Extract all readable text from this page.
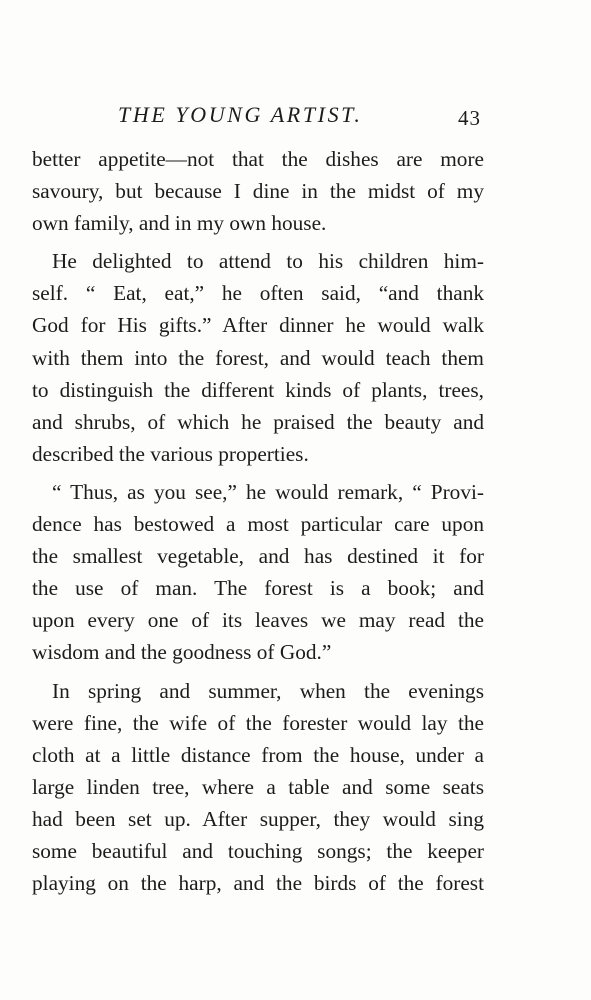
THE YOUNG ARTIST.	43
better appetite—not that the dishes are more
savoury, but because I dine in the midst of my
own family, and in my own house.
He delighted to attend to his children him-
self. “ Eat, eat,” he often said, “and thank
God for His gifts.” After dinner he would walk
with them into the forest, and would teach them
to distinguish the different kinds of plants, trees,
and shrubs, of which he praised the beauty and
described the various properties.
“ Thus, as you see,” he would remark, “ Provi-
dence has bestowed a most particular care upon
the smallest vegetable, and has destined it for
the use of man. The forest is a book; and
upon every one of its leaves we may read the
wisdom and the goodness of God.”
In spring and summer, when the evenings
were fine, the wife of the forester would lay the
cloth at a little distance from the house, under a
large linden tree, where a table and some seats
had been set up. After supper, they would sing
some beautiful and touching songs; the keeper
playing on the harp, and the birds of the forest
